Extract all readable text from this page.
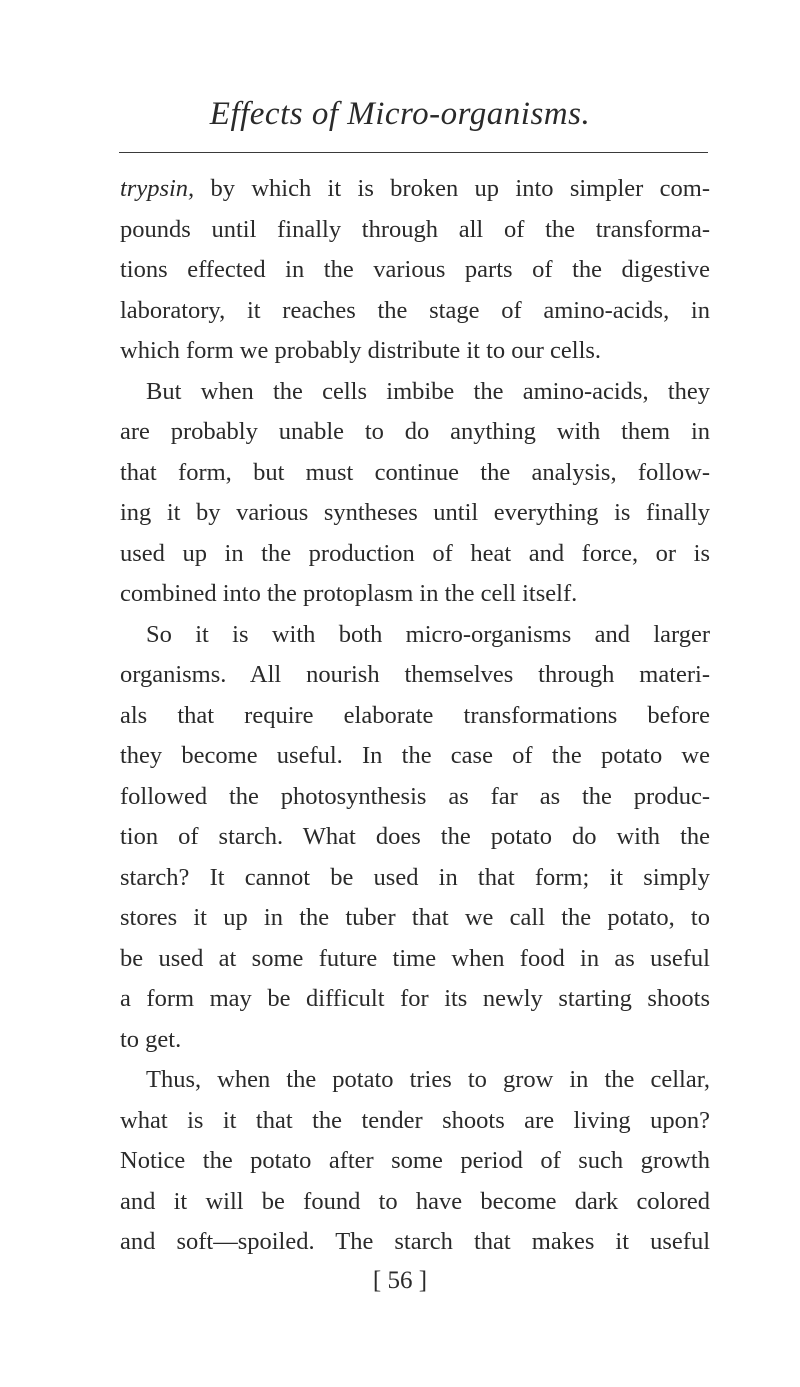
Effects of Micro-organisms.
trypsin, by which it is broken up into simpler com-
pounds until finally through all of the transforma-
tions effected in the various parts of the digestive
laboratory, it reaches the stage of amino-acids, in
which form we probably distribute it to our cells.
But when the cells imbibe the amino-acids, they
are probably unable to do anything with them in
that form, but must continue the analysis, follow-
ing it by various syntheses until everything is finally
used up in the production of heat and force, or is
combined into the protoplasm in the cell itself.
So it is with both micro-organisms and larger
organisms. All nourish themselves through materi-
als that require elaborate transformations before
they become useful. In the case of the potato we
followed the photosynthesis as far as the produc-
tion of starch. What does the potato do with the
starch? It cannot be used in that form; it simply
stores it up in the tuber that we call the potato, to
be used at some future time when food in as useful
a form may be difficult for its newly starting shoots
to get.
Thus, when the potato tries to grow in the cellar,
what is it that the tender shoots are living upon?
Notice the potato after some period of such growth
and it will be found to have become dark colored
and soft—spoiled. The starch that makes it useful
[ 56 ]
